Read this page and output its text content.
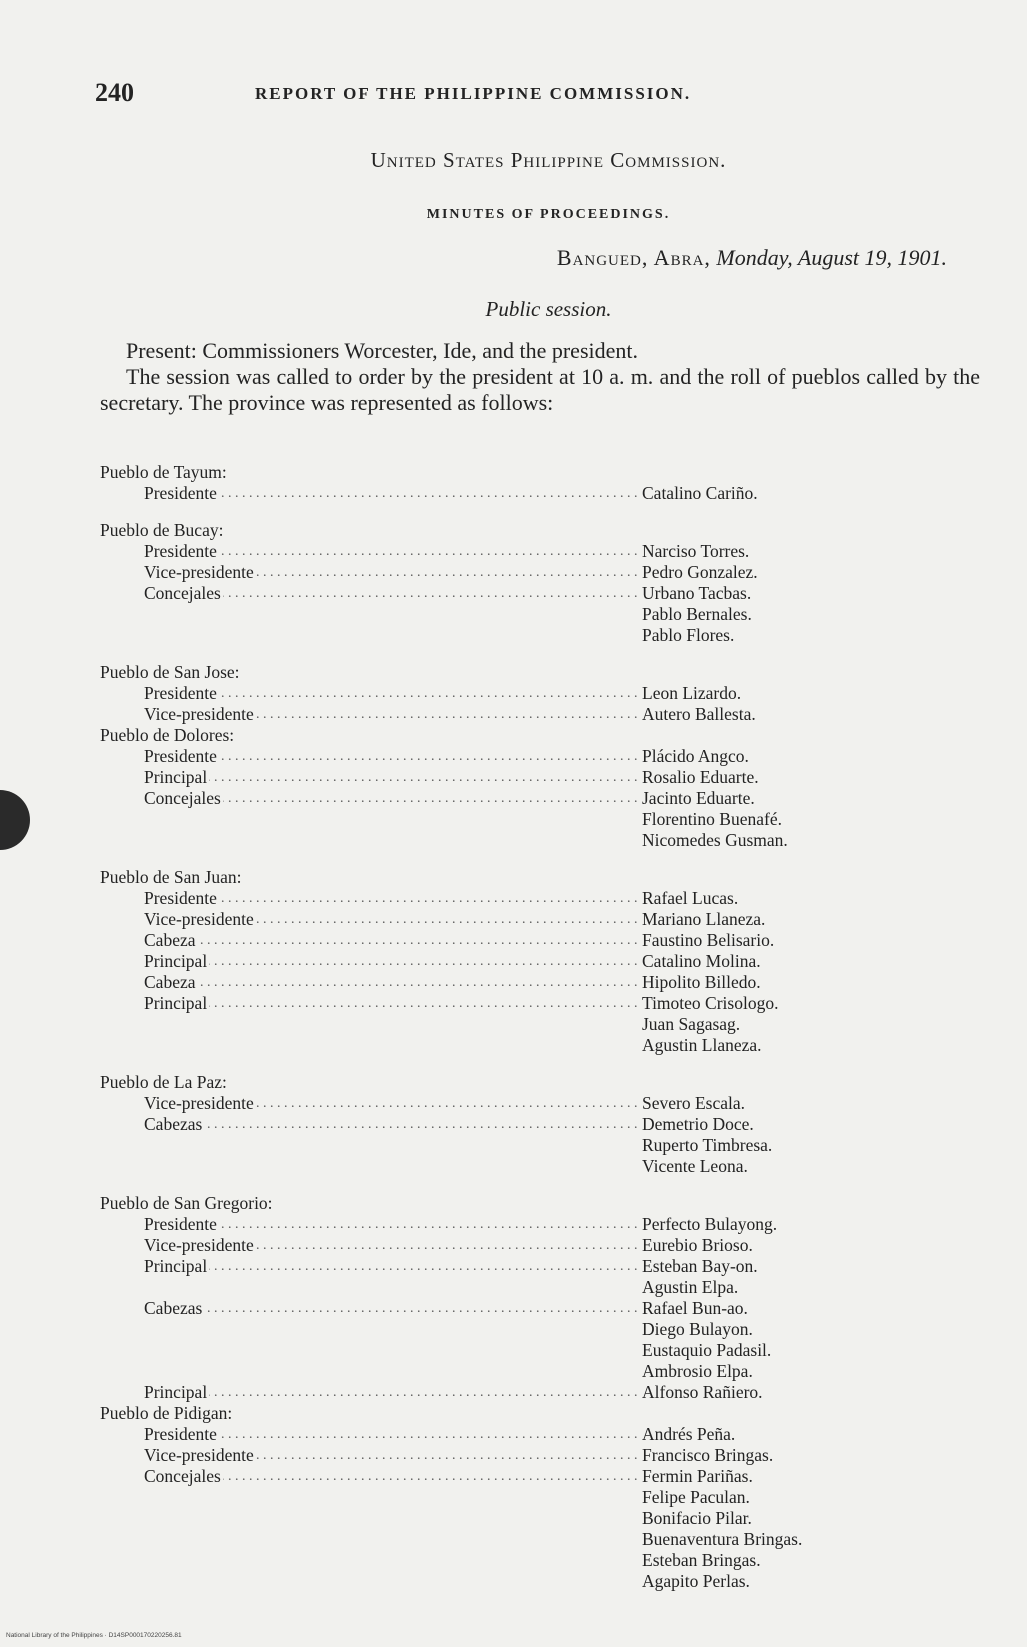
240	REPORT OF THE PHILIPPINE COMMISSION.
United States Philippine Commission.
MINUTES OF PROCEEDINGS.
Bangued, Abra, Monday, August 19, 1901.
Public session.

Present: Commissioners Worcester, Ide, and the president.

The session was called to order by the president at 10 a. m. and the roll of pueblos called by the secretary. The province was represented as follows:

Pueblo de Tayum:
Presidente . . .	Catalino Cariño.
Pueblo de Bucay:
Presidente . . .	Narciso Torres.
Vice-presidente . . .	Pedro Gonzalez.
Concejales . . .	Urbano Tacbas.
Pablo Bernales.
Pablo Flores.
Pueblo de San Jose:
Presidente . . .	Leon Lizardo.
Vice-presidente . . .	Autero Ballesta.
Pueblo de Dolores:
Presidente . . .	Plácido Angco.
Principal . . .	Rosalio Eduarte.
Concejales . . .	Jacinto Eduarte.
Florentino Buenafé.
Nicomedes Gusman.
Pueblo de San Juan:
Presidente . . .	Rafael Lucas.
Vice-presidente . . .	Mariano Llaneza.
Cabeza . . .	Faustino Belisario.
Principal . . .	Catalino Molina.
Cabeza . . .	Hipolito Billedo.
Principal . . .	Timoteo Crisologo.
Juan Sagasag.
Agustin Llaneza.
Pueblo de La Paz:
Vice-presidente . . .	Severo Escala.
Cabezas . . .	Demetrio Doce.
Ruperto Timbresa.
Vicente Leona.
Pueblo de San Gregorio:
Presidente . . .	Perfecto Bulayong.
Vice-presidente . . .	Eurebio Brioso.
Principal . . .	Esteban Bay-on.
Agustin Elpa.
Cabezas . . .	Rafael Bun-ao.
Diego Bulayon.
Eustaquio Padasil.
Ambrosio Elpa.
Principal . . .	Alfonso Rañiero.
Pueblo de Pidigan:
Presidente . . .	Andrés Peña.
Vice-presidente . . .	Francisco Bringas.
Concejales . . .	Fermin Pariñas.
Felipe Paculan.
Bonifacio Pilar.
Buenaventura Bringas.
Esteban Bringas.
Agapito Perlas.
National Library of the Philippines · D14SP000170220256.81
